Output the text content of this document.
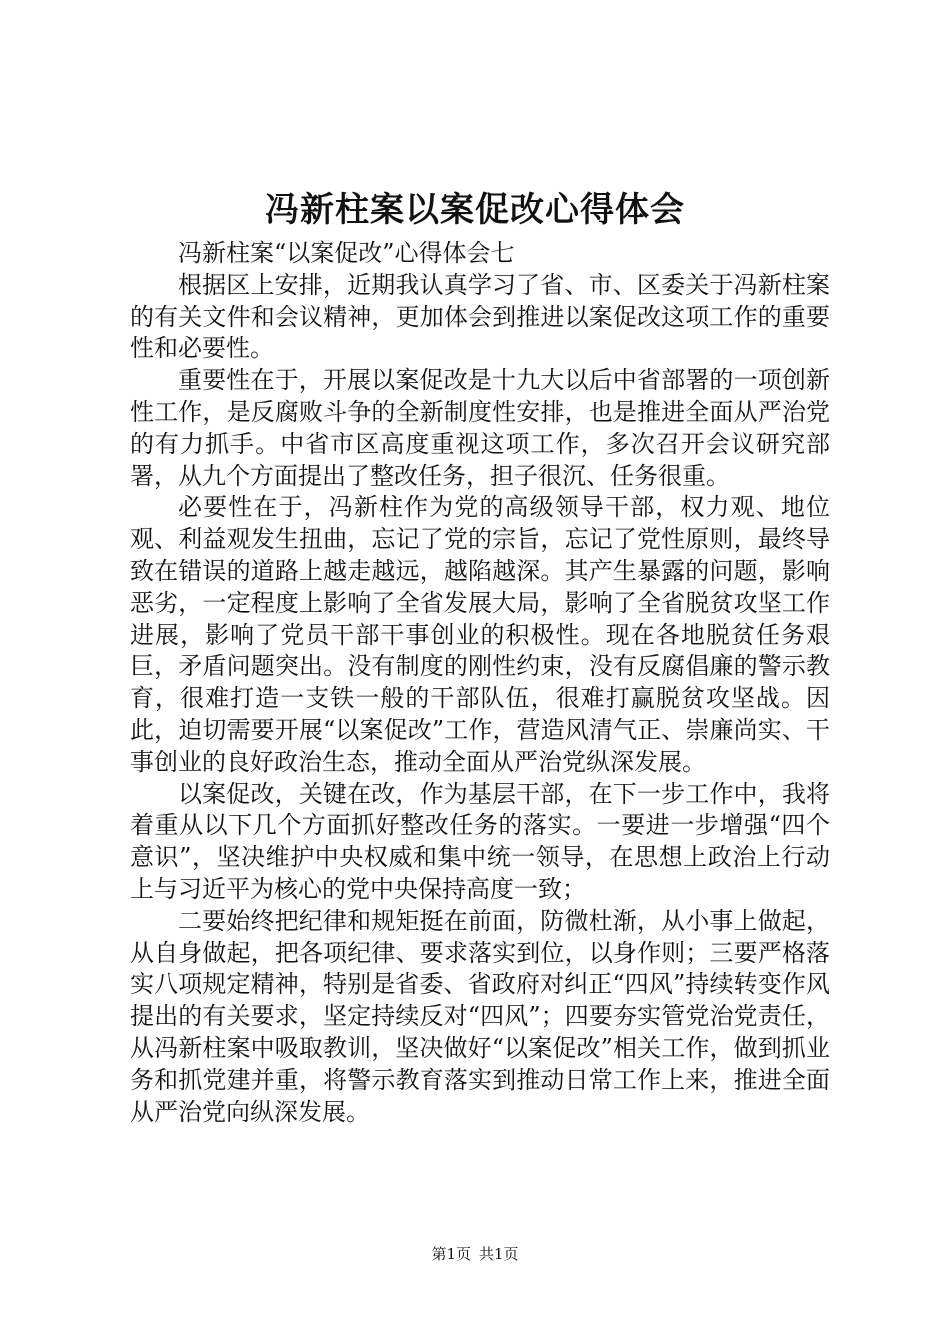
冯新柱案以案促改心得体会

冯新柱案“以案促改”心得体会七

根据区上安排，近期我认真学习了省、市、区委关于冯新柱案的有关文件和会议精神，更加体会到推进以案促改这项工作的重要性和必要性。

重要性在于，开展以案促改是十九大以后中省部署的一项创新性工作，是反腐败斗争的全新制度性安排，也是推进全面从严治党的有力抓手。中省市区高度重视这项工作，多次召开会议研究部署，从九个方面提出了整改任务，担子很沉、任务很重。

必要性在于，冯新柱作为党的高级领导干部，权力观、地位观、利益观发生扭曲，忘记了党的宗旨，忘记了党性原则，最终导致在错误的道路上越走越远，越陷越深。其产生暴露的问题，影响恶劣，一定程度上影响了全省发展大局，影响了全省脱贫攻坚工作进展，影响了党员干部干事创业的积极性。现在各地脱贫任务艰巨，矛盾问题突出。没有制度的刚性约束，没有反腐倡廉的警示教育，很难打造一支铁一般的干部队伍，很难打赢脱贫攻坚战。因此，迫切需要开展“以案促改”工作，营造风清气正、崇廉尚实、干事创业的良好政治生态，推动全面从严治党纵深发展。

以案促改，关键在改，作为基层干部，在下一步工作中，我将着重从以下几个方面抓好整改任务的落实。一要进一步增强“四个意识”，坚决维护中央权威和集中统一领导，在思想上政治上行动上与习近平为核心的党中央保持高度一致；

二要始终把纪律和规矩挺在前面，防微杜渐，从小事上做起，从自身做起，把各项纪律、要求落实到位，以身作则；三要严格落实八项规定精神，特别是省委、省政府对纠正“四风”持续转变作风提出的有关要求，坚定持续反对“四风”；四要夯实管党治党责任，从冯新柱案中吸取教训，坚决做好“以案促改”相关工作，做到抓业务和抓党建并重，将警示教育落实到推动日常工作上来，推进全面从严治党向纵深发展。

第1页 共1页
